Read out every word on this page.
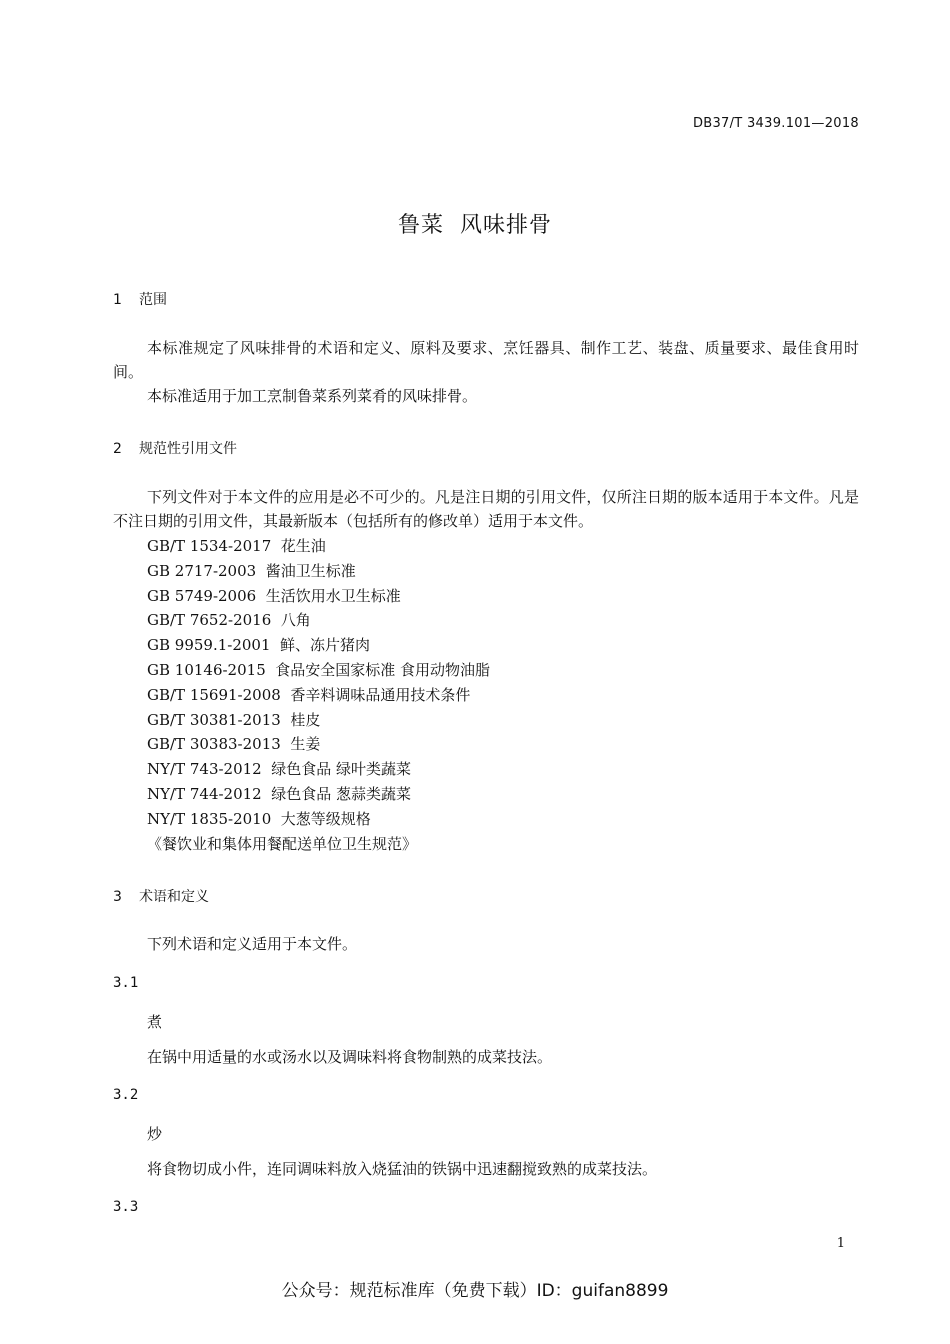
DB37/T 3439.101—2018
鲁菜  风味排骨
1 范围

本标准规定了风味排骨的术语和定义、原料及要求、烹饪器具、制作工艺、装盘、质量要求、最佳食用时间。

本标准适用于加工烹制鲁菜系列菜肴的风味排骨。

2 规范性引用文件

下列文件对于本文件的应用是必不可少的。凡是注日期的引用文件，仅所注日期的版本适用于本文件。凡是不注日期的引用文件，其最新版本（包括所有的修改单）适用于本文件。

GB/T 1534-2017  花生油
GB 2717-2003  酱油卫生标准
GB 5749-2006  生活饮用水卫生标准
GB/T 7652-2016  八角
GB 9959.1-2001  鲜、冻片猪肉
GB 10146-2015  食品安全国家标准 食用动物油脂
GB/T 15691-2008  香辛料调味品通用技术条件
GB/T 30381-2013  桂皮
GB/T 30383-2013  生姜
NY/T 743-2012  绿色食品 绿叶类蔬菜
NY/T 744-2012  绿色食品 葱蒜类蔬菜
NY/T 1835-2010  大葱等级规格
《餐饮业和集体用餐配送单位卫生规范》
3 术语和定义

下列术语和定义适用于本文件。

3.1
煮
在锅中用适量的水或汤水以及调味料将食物制熟的成菜技法。
3.2
炒
将食物切成小件，连同调味料放入烧猛油的铁锅中迅速翻搅致熟的成菜技法。
3.3
1
公众号：规范标准库（免费下载）ID：guifan8899
